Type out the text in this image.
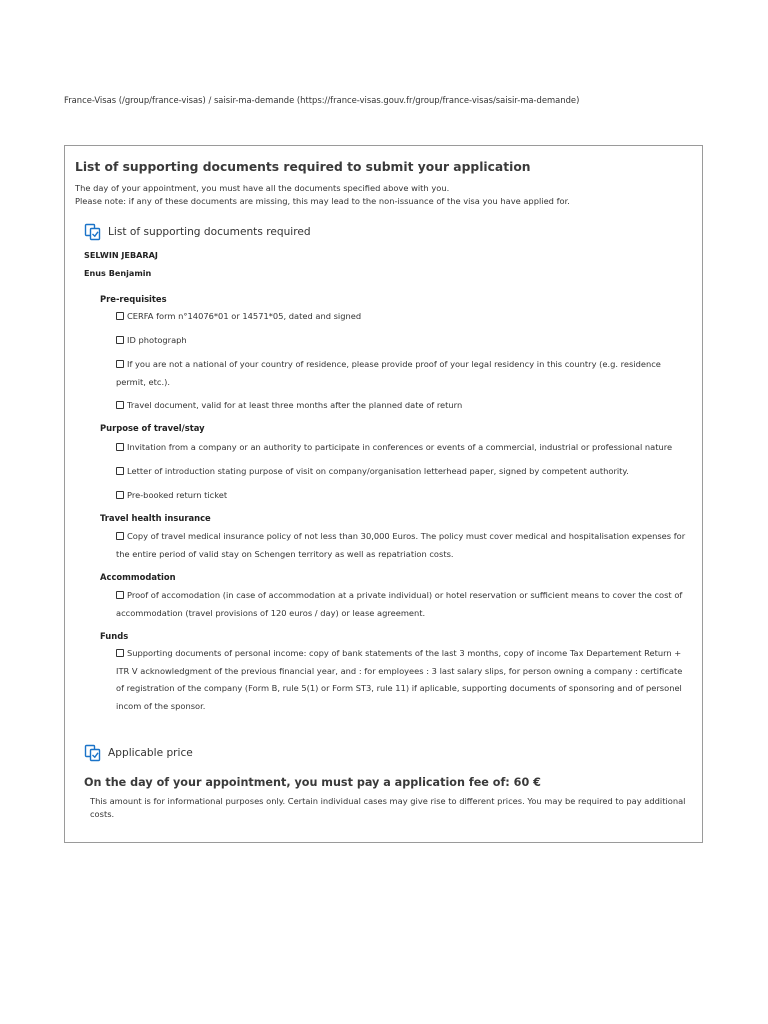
France-Visas (/group/france-visas) / saisir-ma-demande (https://france-visas.gouv.fr/group/france-visas/saisir-ma-demande)
List of supporting documents required to submit your application
The day of your appointment, you must have all the documents specified above with you.
Please note: if any of these documents are missing, this may lead to the non-issuance of the visa you have applied for.
List of supporting documents required
SELWIN JEBARAJ
Enus Benjamin
Pre-requisites
CERFA form n°14076*01 or 14571*05, dated and signed
ID photograph
If you are not a national of your country of residence, please provide proof of your legal residency in this country (e.g. residence permit, etc.).
Travel document, valid for at least three months after the planned date of return
Purpose of travel/stay
Invitation from a company or an authority to participate in conferences or events of a commercial, industrial or professional nature
Letter of introduction stating purpose of visit on company/organisation letterhead paper, signed by competent authority.
Pre-booked return ticket
Travel health insurance
Copy of travel medical insurance policy of not less than 30,000 Euros. The policy must cover medical and hospitalisation expenses for the entire period of valid stay on Schengen territory as well as repatriation costs.
Accommodation
Proof of accomodation (in case of accommodation at a private individual) or hotel reservation or sufficient means to cover the cost of accommodation (travel provisions of 120 euros / day) or lease agreement.
Funds
Supporting documents of personal income: copy of bank statements of the last 3 months, copy of income Tax Departement Return + ITR V acknowledgment of the previous financial year, and : for employees : 3 last salary slips, for person owning a company : certificate of registration of the company (Form B, rule 5(1) or Form ST3, rule 11) if aplicable, supporting documents of sponsoring and of personel incom of the sponsor.
Applicable price
On the day of your appointment, you must pay a application fee of: 60 €
This amount is for informational purposes only. Certain individual cases may give rise to different prices. You may be required to pay additional costs.
